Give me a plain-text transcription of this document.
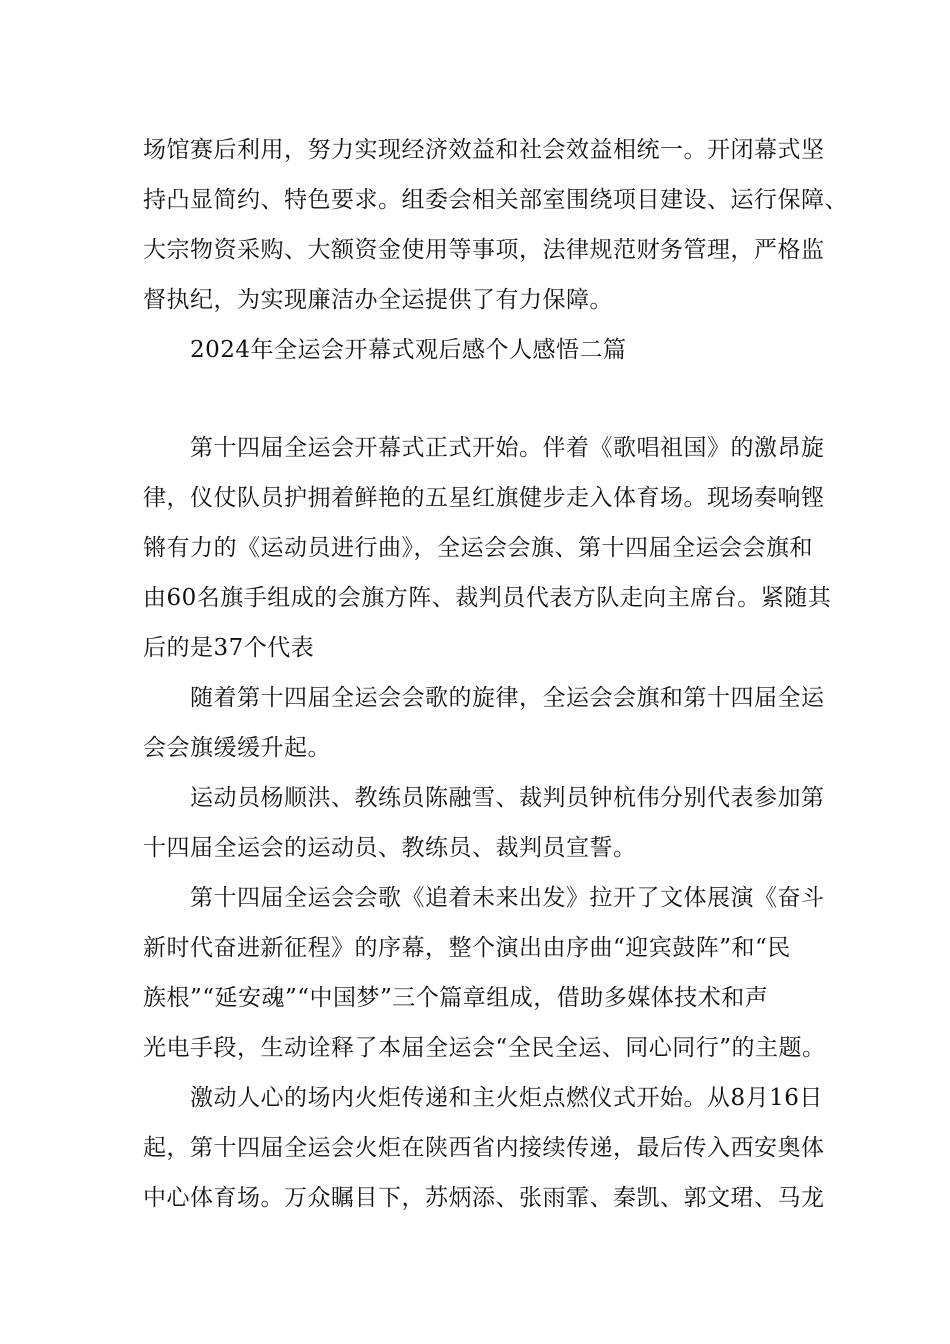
场馆赛后利用，努力实现经济效益和社会效益相统一。开闭幕式坚
持凸显简约、特色要求。组委会相关部室围绕项目建设、运行保障、
大宗物资采购、大额资金使用等事项，法律规范财务管理，严格监
督执纪，为实现廉洁办全运提供了有力保障。
2024年全运会开幕式观后感个人感悟二篇
第十四届全运会开幕式正式开始。伴着《歌唱祖国》的激昂旋
律，仪仗队员护拥着鲜艳的五星红旗健步走入体育场。现场奏响铿
锵有力的《运动员进行曲》，全运会会旗、第十四届全运会会旗和
由60名旗手组成的会旗方阵、裁判员代表方队走向主席台。紧随其
后的是37个代表
随着第十四届全运会会歌的旋律，全运会会旗和第十四届全运
会会旗缓缓升起。
运动员杨顺洪、教练员陈融雪、裁判员钟杭伟分别代表参加第
十四届全运会的运动员、教练员、裁判员宣誓。
第十四届全运会会歌《追着未来出发》拉开了文体展演《奋斗
新时代奋进新征程》的序幕，整个演出由序曲“迎宾鼓阵”和“民
族根”“延安魂”“中国梦”三个篇章组成，借助多媒体技术和声
光电手段，生动诠释了本届全运会“全民全运、同心同行”的主题。
激动人心的场内火炬传递和主火炬点燃仪式开始。从8月16日
起，第十四届全运会火炬在陕西省内接续传递，最后传入西安奥体
中心体育场。万众瞩目下，苏炳添、张雨霏、秦凯、郭文珺、马龙
